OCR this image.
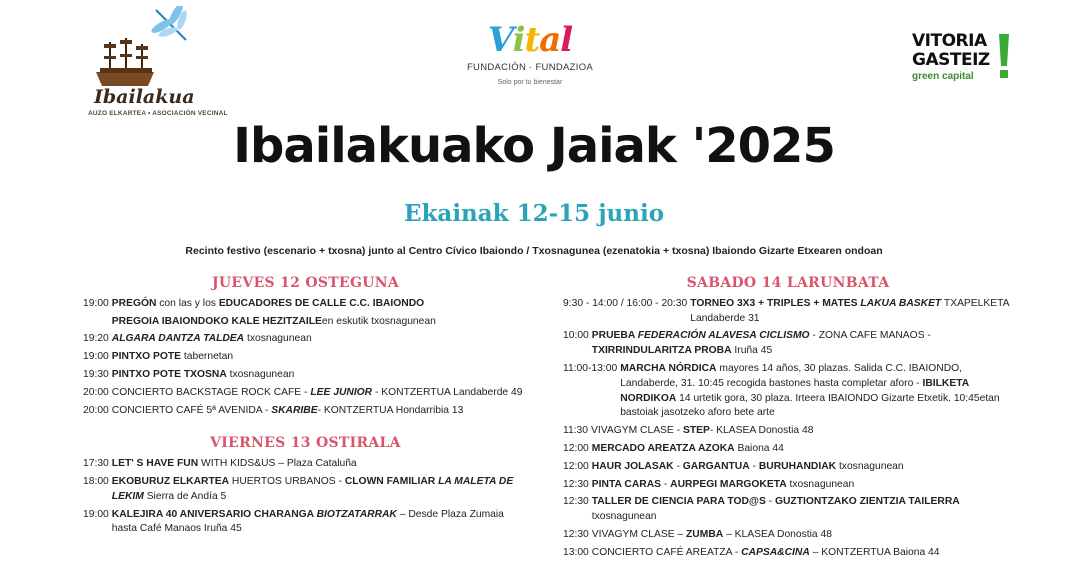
Ibailakua
AUZO ELKARTEA • ASOCIACIÓN VECINAL
Vital
FUNDACIÓN · FUNDAZIOA
Solo por tu bienestar
VITORIA
GASTEIZ
green capital
Ibailakuako Jaiak '2025
Ekainak 12-15 junio
Recinto festivo (escenario + txosna) junto al Centro Cívico Ibaiondo / Txosnagunea (ezenatokia + txosna) Ibaiondo Gizarte Etxearen ondoan
JUEVES 12 OSTEGUNA
19:00 PREGÓN con las y los EDUCADORES DE CALLE C.C. IBAIONDO
PREGOIA IBAIONDOKO KALE HEZITZAILEen eskutik txosnagunean
19:20 ALGARA DANTZA TALDEA txosnagunean
19:00 PINTXO POTE tabernetan
19:30 PINTXO POTE TXOSNA txosnagunean
20:00 CONCIERTO BACKSTAGE ROCK CAFE - LEE JUNIOR - KONTZERTUA Landaberde 49
20:00 CONCIERTO CAFÉ 5ª AVENIDA - SKARIBE- KONTZERTUA Hondarribia 13
VIERNES 13 OSTIRALA
17:30 LET' S HAVE FUN WITH KIDS&US – Plaza Cataluña
18:00 EKOBURUZ ELKARTEA HUERTOS URBANOS - CLOWN FAMILIAR LA MALETA DE LEKIM Sierra de Andía 5
19:00 KALEJIRA 40 ANIVERSARIO CHARANGA BIOTZATARRAK – Desde Plaza Zumaia hasta Café Manaos Iruña 45
SABADO 14 LARUNBATA
9:30 - 14:00 / 16:00 - 20:30 TORNEO 3X3 + TRIPLES + MATES LAKUA BASKET TXAPELKETA Landaberde 31
10:00 PRUEBA FEDERACIÓN ALAVESA CICLISMO - ZONA CAFE MANAOS - TXIRRINDULARITZA PROBA Iruña 45
11:00-13:00 MARCHA NÓRDICA mayores 14 años, 30 plazas. Salida C.C. IBAIONDO, Landaberde, 31. 10:45 recogida bastones hasta completar aforo - IBILKETA NORDIKOA 14 urtetik gora, 30 plaza. Irteera IBAIONDO Gizarte Etxetik. 10:45etan bastoiak jasotzeko aforo bete arte
11:30 VIVAGYM CLASE - STEP- KLASEA Donostia 48
12:00 MERCADO AREATZA AZOKA Baiona 44
12:00 HAUR JOLASAK - GARGANTUA - BURUHANDIAK txosnagunean
12:30 PINTA CARAS - AURPEGI MARGOKETA txosnagunean
12:30 TALLER DE CIENCIA PARA TOD@S - GUZTIONTZAKO ZIENTZIA TAILERRA txosnagunean
12:30 VIVAGYM CLASE – ZUMBA – KLASEA Donostia 48
13:00 CONCIERTO CAFÉ AREATZA - CAPSA&CINA – KONTZERTUA Baiona 44
